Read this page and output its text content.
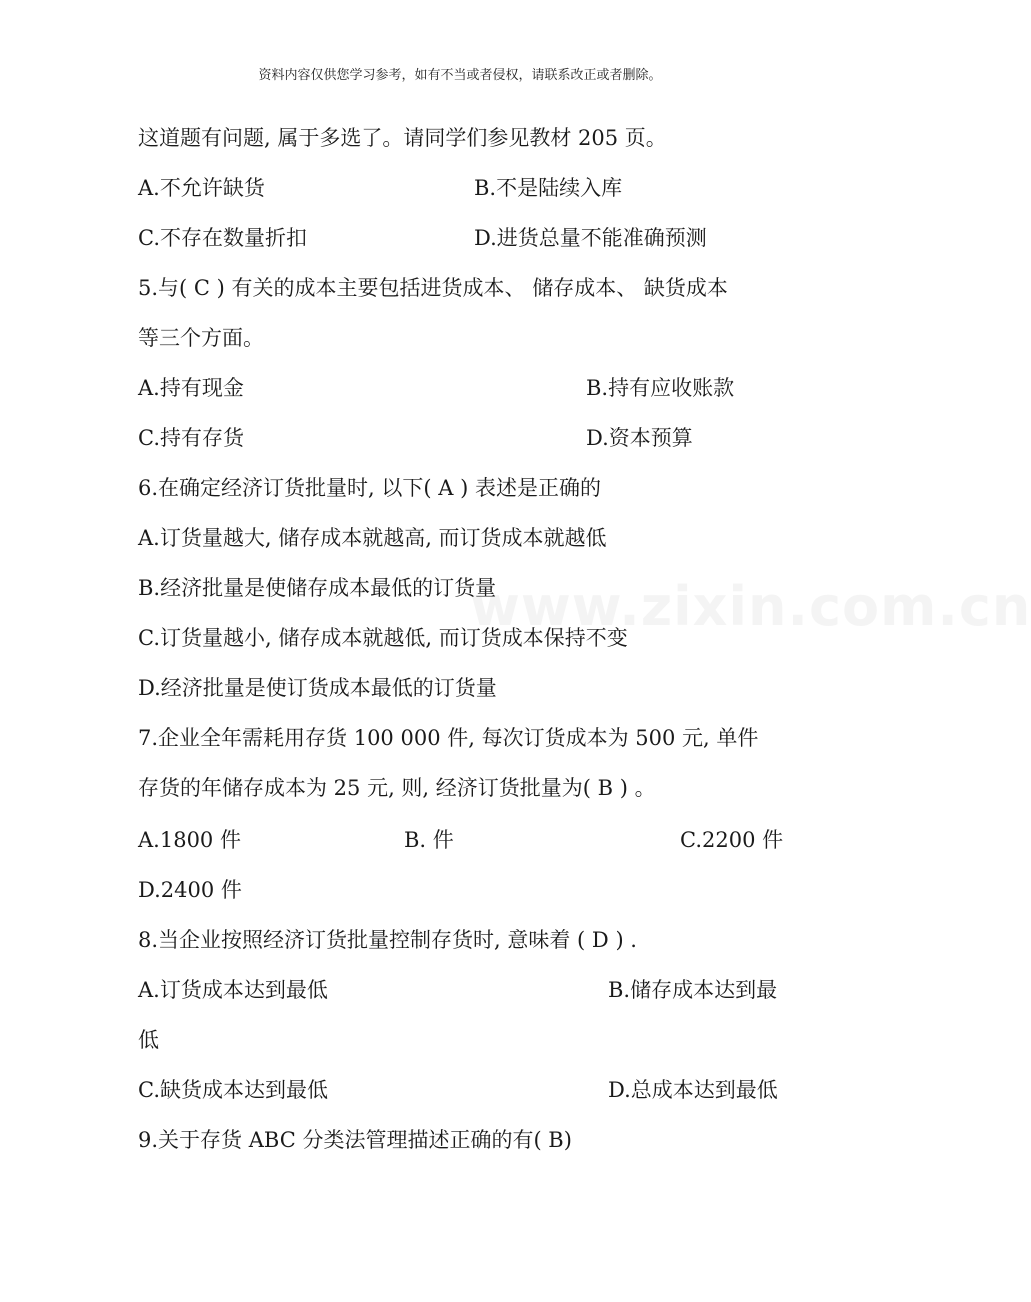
资料内容仅供您学习参考，如有不当或者侵权，请联系改正或者删除。
www.zixin.com.cn
这道题有问题, 属于多选了。请同学们参见教材 205 页。
A.不允许缺货	B.不是陆续入库
C.不存在数量折扣	D.进货总量不能准确预测
5.与( C ) 有关的成本主要包括进货成本、 储存成本、 缺货成本
等三个方面。
A.持有现金	B.持有应收账款
C.持有存货	D.资本预算
6.在确定经济订货批量时, 以下( A ) 表述是正确的
A.订货量越大, 储存成本就越高, 而订货成本就越低
B.经济批量是使储存成本最低的订货量
C.订货量越小, 储存成本就越低, 而订货成本保持不变
D.经济批量是使订货成本最低的订货量
7.企业全年需耗用存货 100 000 件, 每次订货成本为 500 元, 单件
存货的年储存成本为 25 元, 则, 经济订货批量为( B ) 。
A.1800 件	B. 件	C.2200 件
D.2400 件
8.当企业按照经济订货批量控制存货时, 意味着 ( D ) .
A.订货成本达到最低	B.储存成本达到最
低
C.缺货成本达到最低	D.总成本达到最低
9.关于存货 ABC 分类法管理描述正确的有( B)
